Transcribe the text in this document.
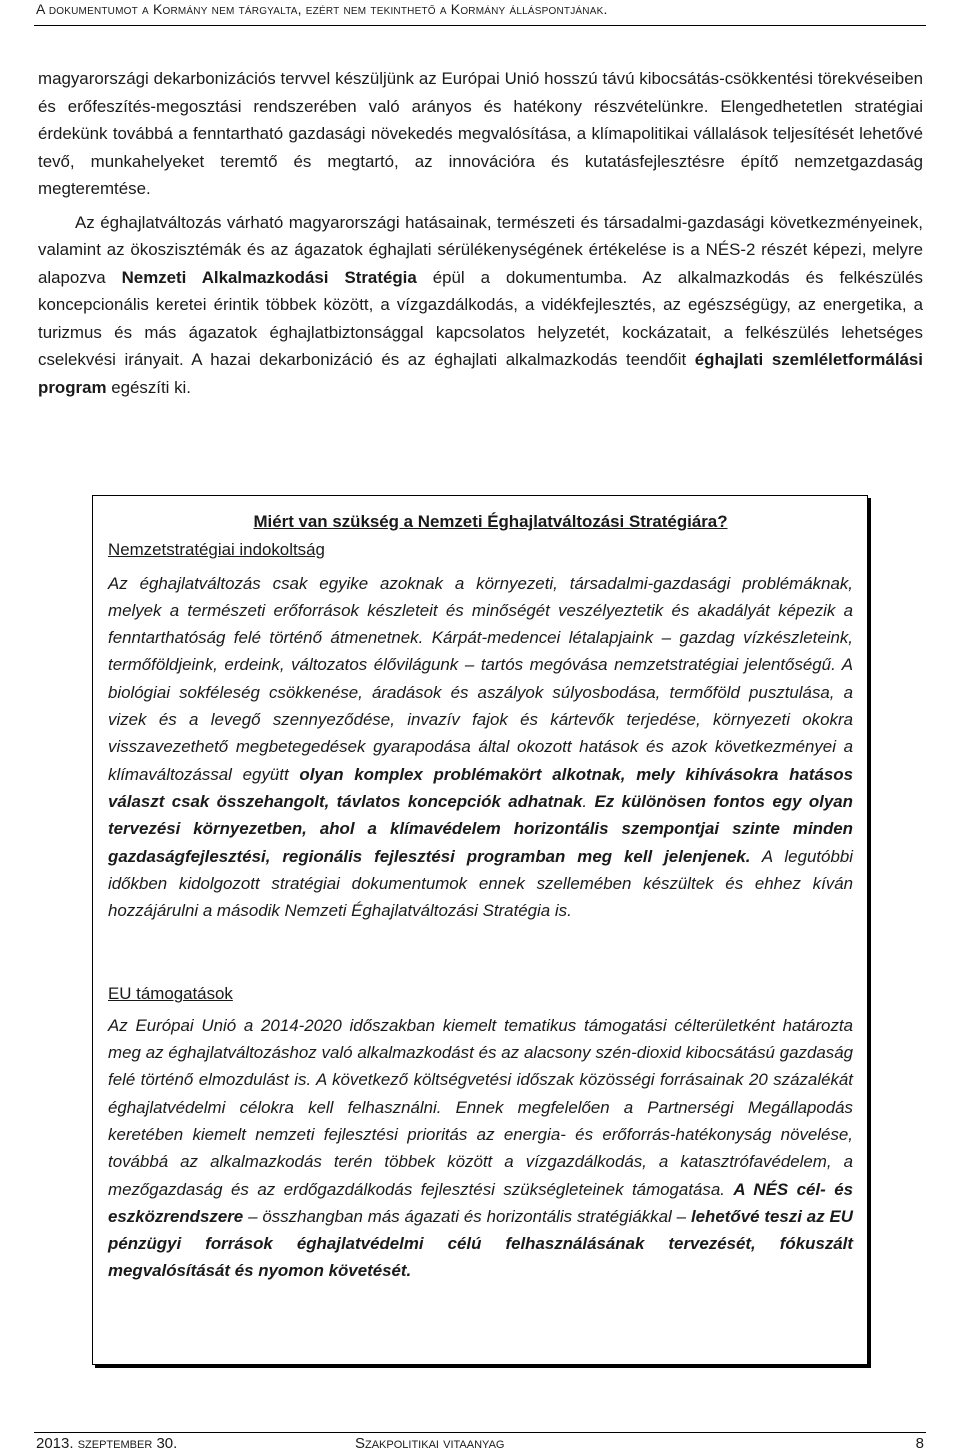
A dokumentumot a Kormány nem tárgyalta, ezért nem tekinthető a Kormány álláspontjának.

magyarországi dekarbonizációs tervvel készüljünk az Európai Unió hosszú távú kibocsátás-csökkentési törekvéseiben és erőfeszítés-megosztási rendszerében való arányos és hatékony részvételünkre. Elengedhetetlen stratégiai érdekünk továbbá a fenntartható gazdasági növekedés megvalósítása, a klímapolitikai vállalások teljesítését lehetővé tevő, munkahelyeket teremtő és megtartó, az innovációra és kutatásfejlesztésre építő nemzetgazdaság megteremtése.

Az éghajlatváltozás várható magyarországi hatásainak, természeti és társadalmi-gazdasági következményeinek, valamint az ökoszisztémák és az ágazatok éghajlati sérülékenységének értékelése is a NÉS-2 részét képezi, melyre alapozva Nemzeti Alkalmazkodási Stratégia épül a dokumentumba. Az alkalmazkodás és felkészülés koncepcionális keretei érintik többek között, a vízgazdálkodás, a vidékfejlesztés, az egészségügy, az energetika, a turizmus és más ágazatok éghajlatbiztonsággal kapcsolatos helyzetét, kockázatait, a felkészülés lehetséges cselekvési irányait. A hazai dekarbonizáció és az éghajlati alkalmazkodás teendőit éghajlati szemléletformálási program egészíti ki.

Miért van szükség a Nemzeti Éghajlatváltozási Stratégiára?

Nemzetstratégiai indokoltság

Az éghajlatváltozás csak egyike azoknak a környezeti, társadalmi-gazdasági problémáknak, melyek a természeti erőforrások készleteit és minőségét veszélyeztetik és akadályát képezik a fenntarthatóság felé történő átmenetnek. Kárpát-medencei létalapjaink – gazdag vízkészleteink, termőföldjeink, erdeink, változatos élővilágunk – tartós megóvása nemzetstratégiai jelentőségű. A biológiai sokféleség csökkenése, áradások és aszályok súlyosbodása, termőföld pusztulása, a vizek és a levegő szennyeződése, invazív fajok és kártevők terjedése, környezeti okokra visszavezethető megbetegedések gyarapodása által okozott hatások és azok következményei a klímaváltozással együtt olyan komplex problémakört alkotnak, mely kihívásokra hatásos választ csak összehangolt, távlatos koncepciók adhatnak. Ez különösen fontos egy olyan tervezési környezetben, ahol a klímavédelem horizontális szempontjai szinte minden gazdaságfejlesztési, regionális fejlesztési programban meg kell jelenjenek. A legutóbbi időkben kidolgozott stratégiai dokumentumok ennek szellemében készültek és ehhez kíván hozzájárulni a második Nemzeti Éghajlatváltozási Stratégia is.

EU támogatások

Az Európai Unió a 2014-2020 időszakban kiemelt tematikus támogatási célterületként határozta meg az éghajlatváltozáshoz való alkalmazkodást és az alacsony szén-dioxid kibocsátású gazdaság felé történő elmozdulást is. A következő költségvetési időszak közösségi forrásainak 20 százalékát éghajlatvédelmi célokra kell felhasználni. Ennek megfelelően a Partnerségi Megállapodás keretében kiemelt nemzeti fejlesztési prioritás az energia- és erőforrás-hatékonyság növelése, továbbá az alkalmazkodás terén többek között a vízgazdálkodás, a katasztrófavédelem, a mezőgazdaság és az erdőgazdálkodás fejlesztési szükségleteinek támogatása. A NÉS cél- és eszközrendszere – összhangban más ágazati és horizontális stratégiákkal – lehetővé teszi az EU pénzügyi források éghajlatvédelmi célú felhasználásának tervezését, fókuszált megvalósítását és nyomon követését.

2013. szeptember 30.	Szakpolitikai vitaanyag	8
